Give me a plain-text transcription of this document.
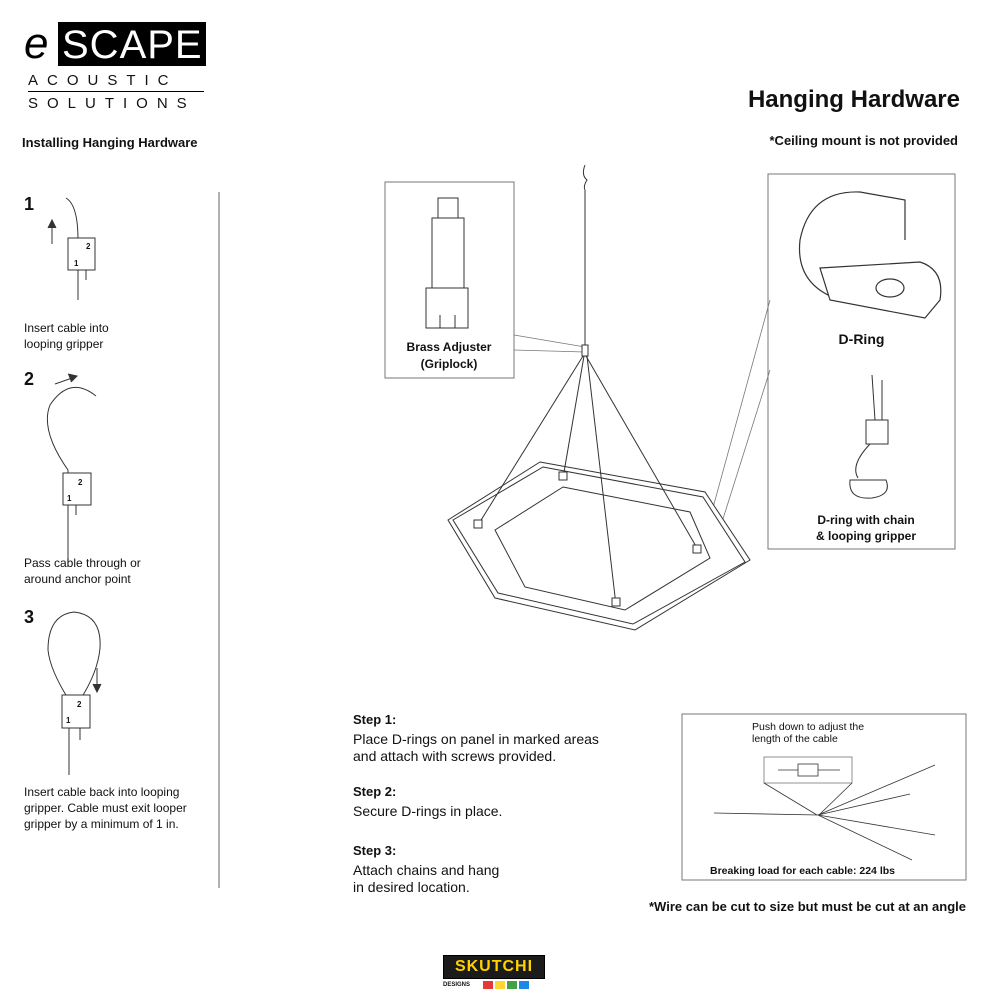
e SCAPE
ACOUSTIC
SOLUTIONS	Hanging Hardware
Installing Hanging Hardware	*Ceiling mount is not provided
2
1
2
1
2
1
1
Insert cable into looping gripper
2
Pass cable through or around anchor point
3
Insert cable back into looping gripper. Cable must exit looper gripper by a minimum of 1 in.
Brass Adjuster
(Griplock)
D-Ring
D-ring with chain
& looping gripper
Step 1:
Place D-rings on panel in marked areas
and attach with screws provided.
Step 2:
Secure D-rings in place.
Step 3:
Attach chains and hang
in desired location.
Push down to adjust the
length of the cable
Breaking load for each cable: 224 lbs
*Wire can be cut to size but must be cut at an angle
SKUTCHI
DESIGNS
